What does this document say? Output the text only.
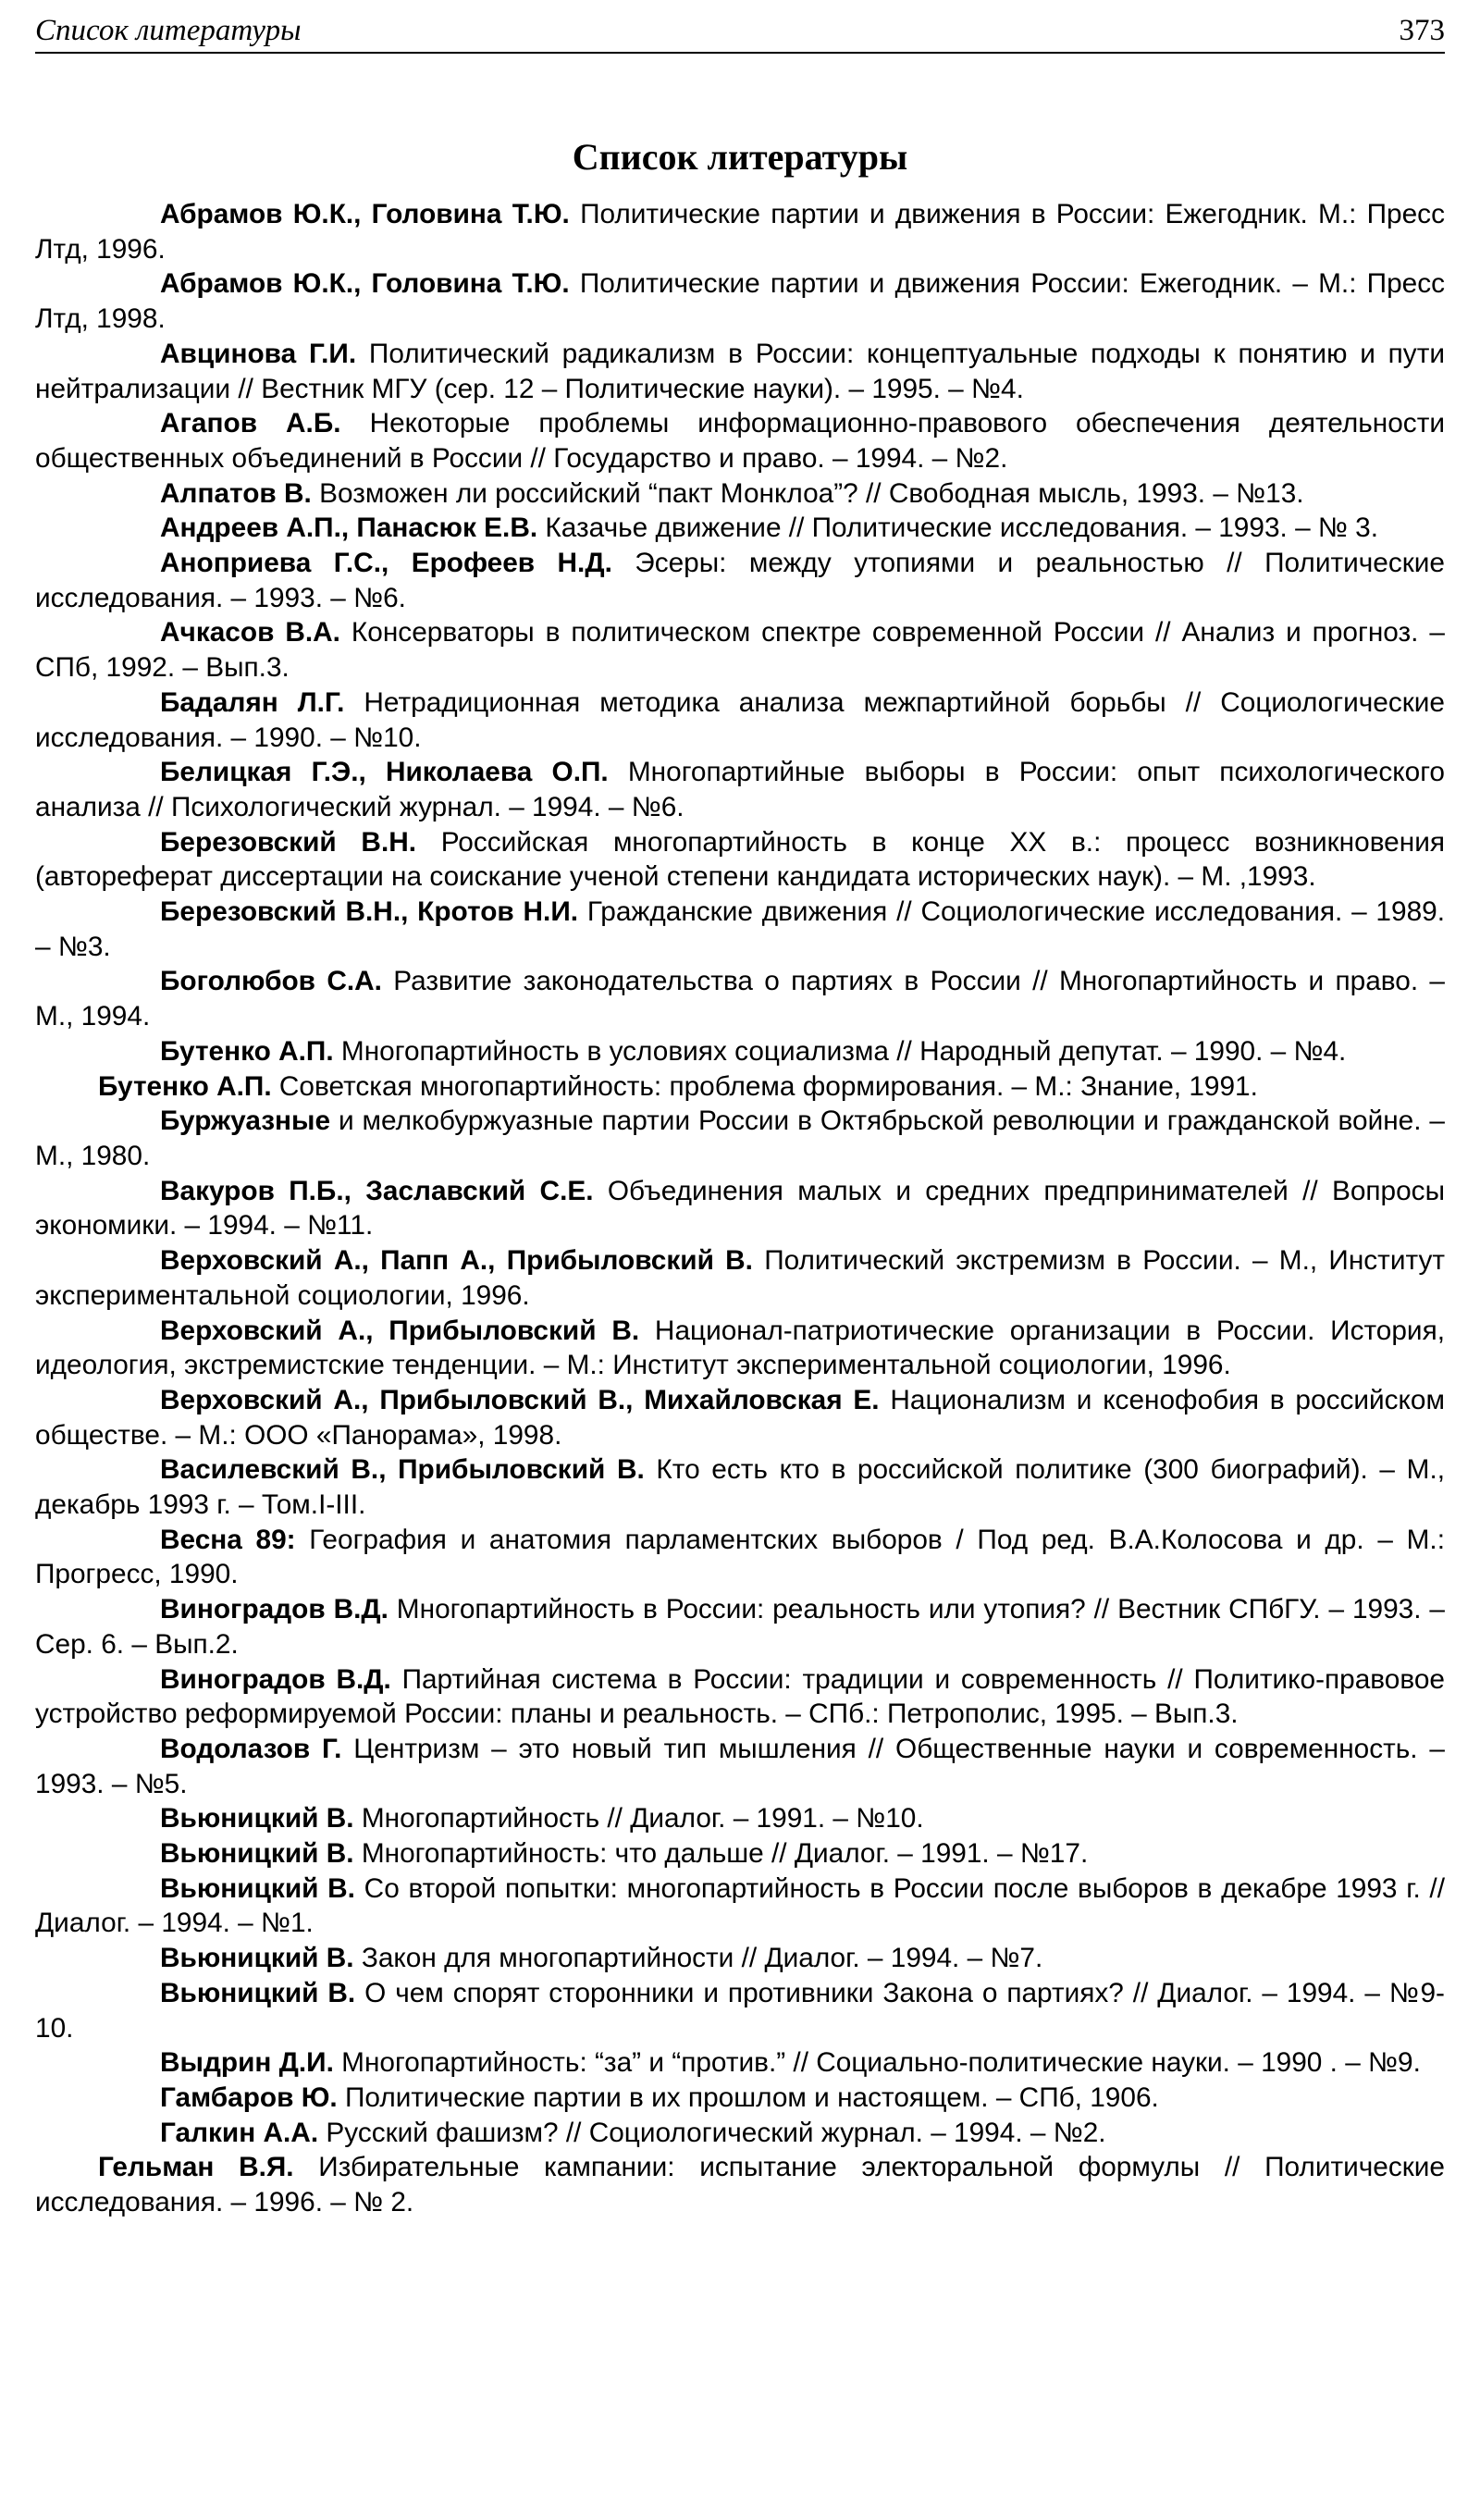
Список литературы	373
Список литературы

Абрамов Ю.К., Головина Т.Ю. Политические партии и движения в России: Ежегодник. М.: Пресс Лтд, 1996.

Абрамов Ю.К., Головина Т.Ю. Политические партии и движения России: Ежегодник. – М.: Пресс Лтд, 1998.

Авцинова Г.И. Политический радикализм в России: концептуальные подходы к понятию и пути нейтрализации // Вестник МГУ (сер. 12 – Политические науки). – 1995. – №4.

Агапов А.Б. Некоторые проблемы информационно-правового обеспечения деятельности общественных объединений в России // Государство и право. – 1994. – №2.

Алпатов В. Возможен ли российский “пакт Монклоа”? // Свободная мысль, 1993. – №13.

Андреев А.П., Панасюк Е.В. Казачье движение // Политические исследования. – 1993. – № 3.

Аноприева Г.С., Ерофеев Н.Д. Эсеры: между утопиями и реальностью // Политические исследования. – 1993. – №6.

Ачкасов В.А. Консерваторы в политическом спектре современной России // Анализ и прогноз. – СПб, 1992. – Вып.3.

Бадалян Л.Г. Нетрадиционная методика анализа межпартийной борьбы // Социологические исследования. – 1990. – №10.

Белицкая Г.Э., Николаева О.П. Многопартийные выборы в России: опыт психологического анализа // Психологический журнал. – 1994. – №6.

Березовский В.Н. Российская многопартийность в конце XX в.: процесс возникновения (автореферат диссертации на соискание ученой степени кандидата исторических наук). – М. ,1993.

Березовский В.Н., Кротов Н.И. Гражданские движения // Социологические исследования. – 1989. – №3.

Боголюбов С.А. Развитие законодательства о партиях в России // Многопартийность и право. – М., 1994.

Бутенко А.П. Многопартийность в условиях социализма // Народный депутат. – 1990. – №4.

Бутенко А.П. Советская многопартийность: проблема формирования. – М.: Знание, 1991.

Буржуазные и мелкобуржуазные партии России в Октябрьской революции и гражданской войне. – М., 1980.

Вакуров П.Б., Заславский С.Е. Объединения малых и средних предпринимателей // Вопросы экономики. – 1994. – №11.

Верховский А., Папп А., Прибыловский В. Политический экстремизм в России. – М., Институт экспериментальной социологии, 1996.

Верховский А., Прибыловский В. Национал-патриотические организации в России. История, идеология, экстремистские тенденции. – М.: Институт экспериментальной социологии, 1996.

Верховский А., Прибыловский В., Михайловская Е. Национализм и ксенофобия в российском обществе. – М.: ООО «Панорама», 1998.

Василевский В., Прибыловский В. Кто есть кто в российской политике (300 биографий). – М., декабрь 1993 г. – Том.I-III.

Весна 89: География и анатомия парламентских выборов / Под ред. В.А.Колосова и др. – М.: Прогресс, 1990.

Виноградов В.Д. Многопартийность в России: реальность или утопия? // Вестник СПбГУ. – 1993. – Сер. 6. – Вып.2.

Виноградов В.Д. Партийная система в России: традиции и современность // Политико-правовое устройство реформируемой России: планы и реальность. – СПб.: Петрополис, 1995. – Вып.3.

Водолазов Г. Центризм – это новый тип мышления // Общественные науки и современность. – 1993. – №5.

Вьюницкий В. Многопартийность // Диалог. – 1991. – №10.

Вьюницкий В. Многопартийность: что дальше // Диалог. – 1991. – №17.

Вьюницкий В. Со второй попытки: многопартийность в России после выборов в декабре 1993 г. // Диалог. – 1994. – №1.

Вьюницкий В. Закон для многопартийности // Диалог. – 1994. – №7.

Вьюницкий В. О чем спорят сторонники и противники Закона о партиях? // Диалог. – 1994. – №9-10.

Выдрин Д.И. Многопартийность: “за” и “против.” // Социально-политические науки. – 1990 . – №9.

Гамбаров Ю. Политические партии в их прошлом и настоящем. – СПб, 1906.

Галкин А.А. Русский фашизм? // Социологический журнал. – 1994. – №2.

Гельман В.Я. Избирательные кампании: испытание электоральной формулы // Политические исследования. – 1996. – № 2.
